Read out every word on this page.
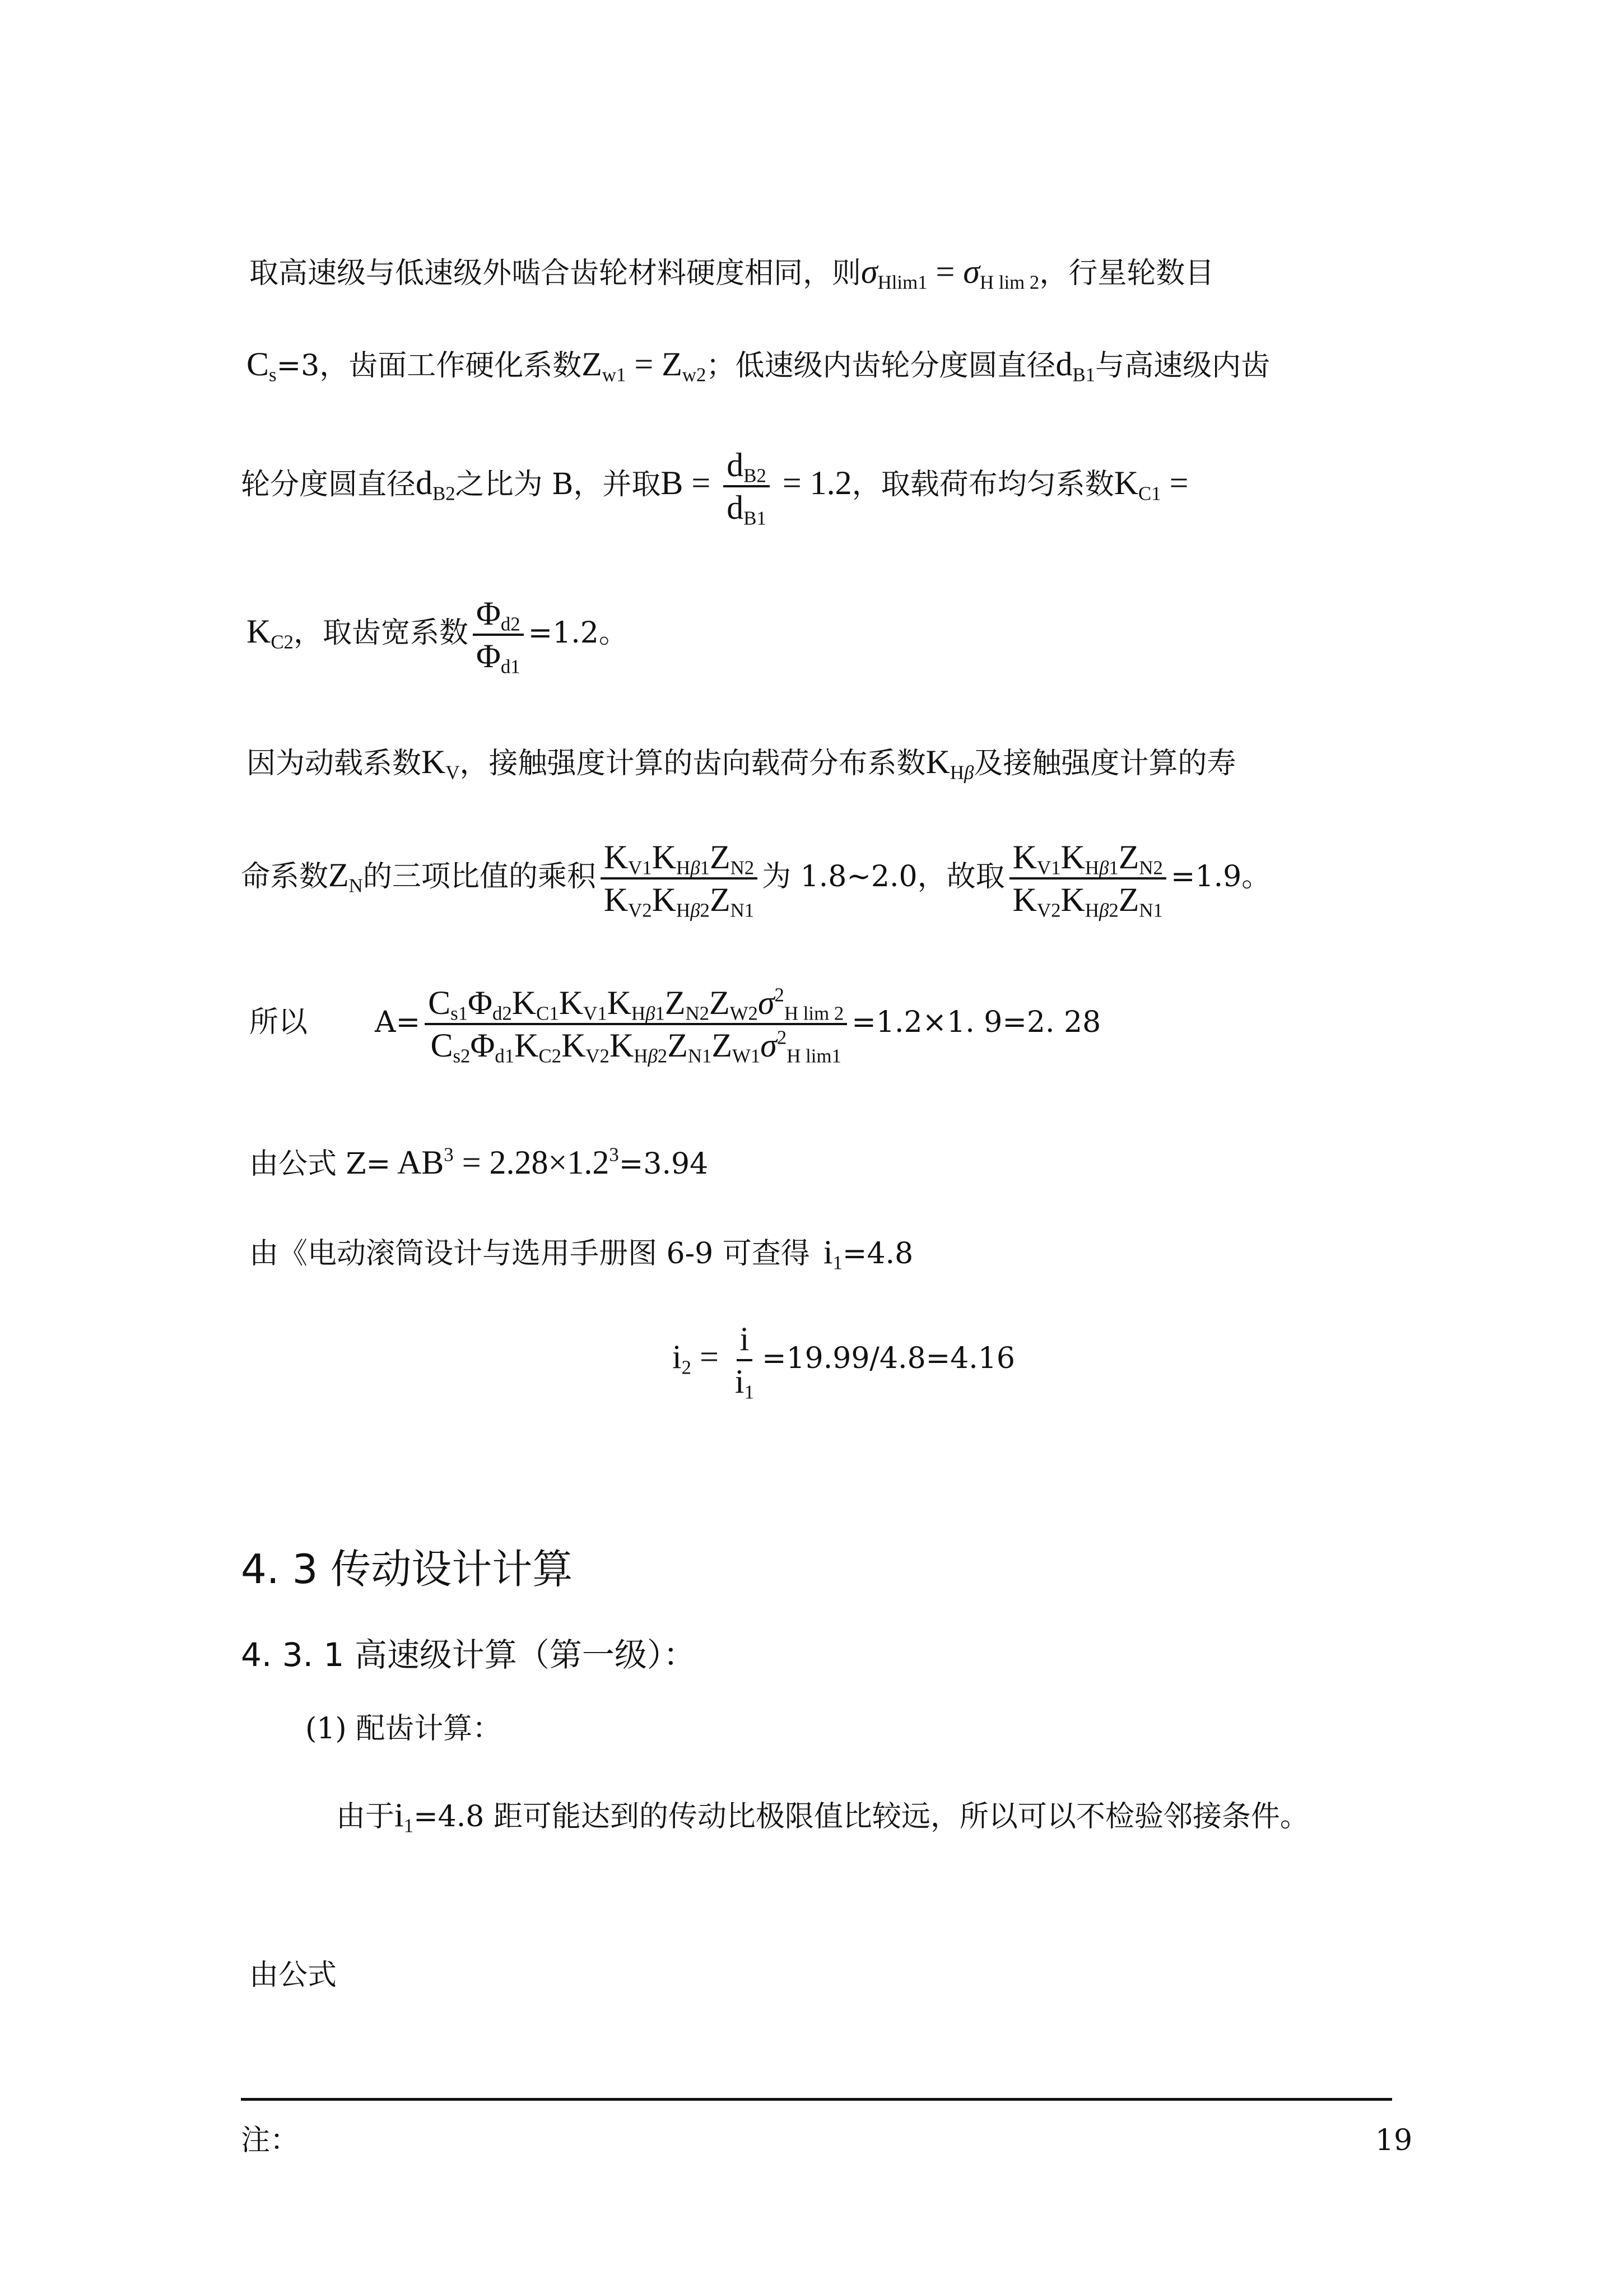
取高速级与低速级外啮合齿轮材料硬度相同，则$\sigma_{Hlim1} = \sigma_{H lim 2}$，行星轮数目
$C_s=3$，齿面工作硬化系数$Z_{w1} = Z_{w2}$；低速级内齿轮分度圆直径$d_{B1}$与高速级内齿
轮分度圆直径$d_{B2}$之比为 B，并取$B = \frac{d_{B2}}{d_{B1}} = 1.2$，取载荷布均匀系数$K_{C1}$ =
$K_{C2}$，取齿宽系数 $\frac{\Phi_{d2}}{\Phi_{d1}} =1.2$。
因为动载系数$K_V$，接触强度计算的齿向载荷分布系数$K_{H\beta}$及接触强度计算的寿
命系数$Z_N$的三项比值的乘积 $\frac{K_{V1}K_{H\beta 1}Z_{N2}}{K_{V2}K_{H\beta 2}Z_{N1}}$ 为 1.8~2.0，故取 $\frac{K_{V1}K_{H\beta 1}Z_{N2}}{K_{V2}K_{H\beta 2}Z_{N1}} =1.9$。
所以 $A= \frac{C_{s1}\Phi_{d2}K_{C1}K_{V1}K_{H\beta 1}Z_{N2}Z_{W2}\sigma^2_{H lim 2}}{C_{s2}\Phi_{d1}K_{C2}K_{V2}K_{H\beta 2}Z_{N1}Z_{W1}\sigma^2_{H lim1}} =1.2\times 1$. 9=2. 28
由公式 $Z= AB^3 = 2.28\times 1.2^3=3.94$
由《电动滚筒设计与选用手册图 6-9 可查得 $i_1=4.8$
$i_2 = \frac{i}{i_1} =19.99/4.8=4.16$
4. 3 传动设计计算
4. 3. 1 高速级计算（第一级）：
(1) 配齿计算：
由于$i_1=4.8$ 距可能达到的传动比极限值比较远，所以可以不检验邻接条件。
由公式
注：	19
